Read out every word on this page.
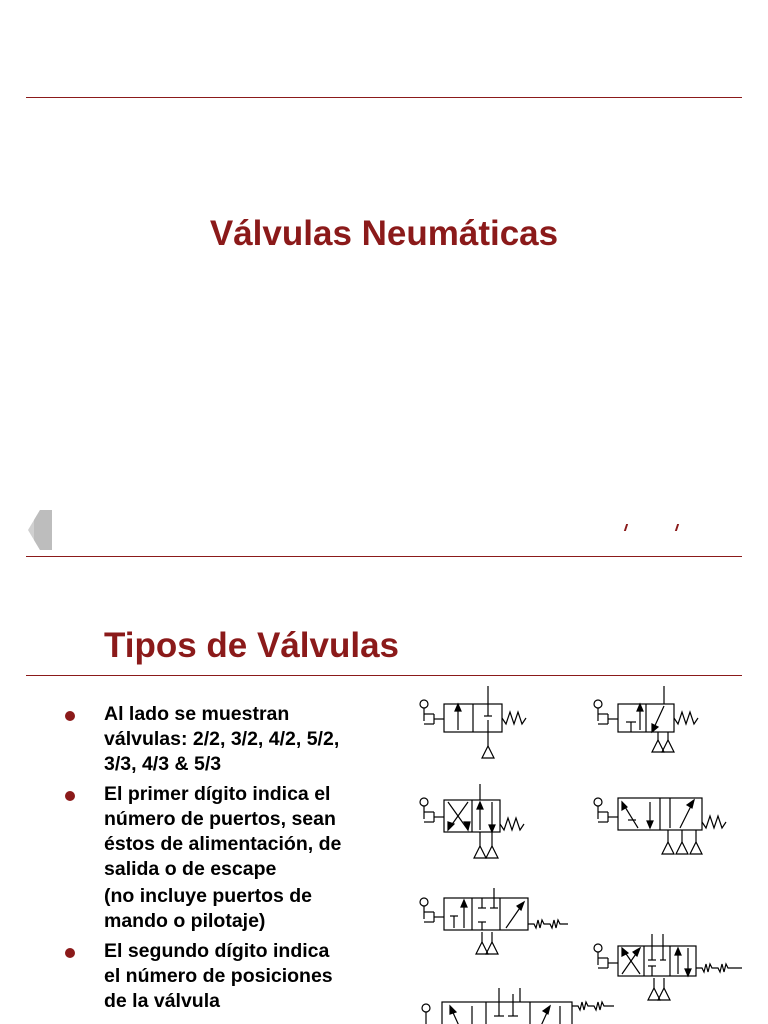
Válvulas Neumáticas
Tipos de Válvulas
Al lado se muestran
válvulas: 2/2, 3/2, 4/2, 5/2,
3/3, 4/3 & 5/3
El primer dígito indica el
número de puertos, sean
éstos de alimentación, de
salida o de escape
(no incluye puertos de
mando o pilotaje)
El segundo dígito indica
el número de posiciones
de la válvula
